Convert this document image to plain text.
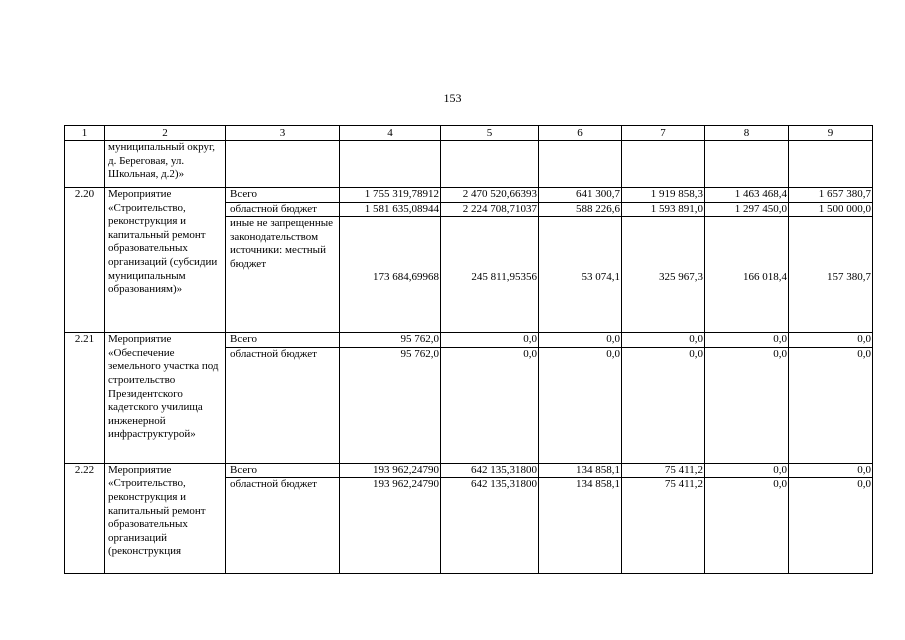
153
1	2	3	4	5	6	7	8	9
	муниципальный округ, д. Береговая, ул. Школьная, д.2)»							
2.20	Мероприятие «Строительство, реконструкция и капитальный ремонт образовательных организаций (субсидии муниципальным образованиям)»	Всего	1 755 319,78912	2 470 520,66393	641 300,7	1 919 858,3	1 463 468,4	1 657 380,7
		областной бюджет	1 581 635,08944	2 224 708,71037	588 226,6	1 593 891,0	1 297 450,0	1 500 000,0
		иные не запрещенные законодательством источники: местный бюджет	173 684,69968	245 811,95356	53 074,1	325 967,3	166 018,4	157 380,7
2.21	Мероприятие «Обеспечение земельного участка под строительство Президентского кадетского училища инженерной инфраструктурой»	Всего	95 762,0	0,0	0,0	0,0	0,0	0,0
		областной бюджет	95 762,0	0,0	0,0	0,0	0,0	0,0
2.22	Мероприятие «Строительство, реконструкция и капитальный ремонт образовательных организаций (реконструкция	Всего	193 962,24790	642 135,31800	134 858,1	75 411,2	0,0	0,0
		областной бюджет	193 962,24790	642 135,31800	134 858,1	75 411,2	0,0	0,0
